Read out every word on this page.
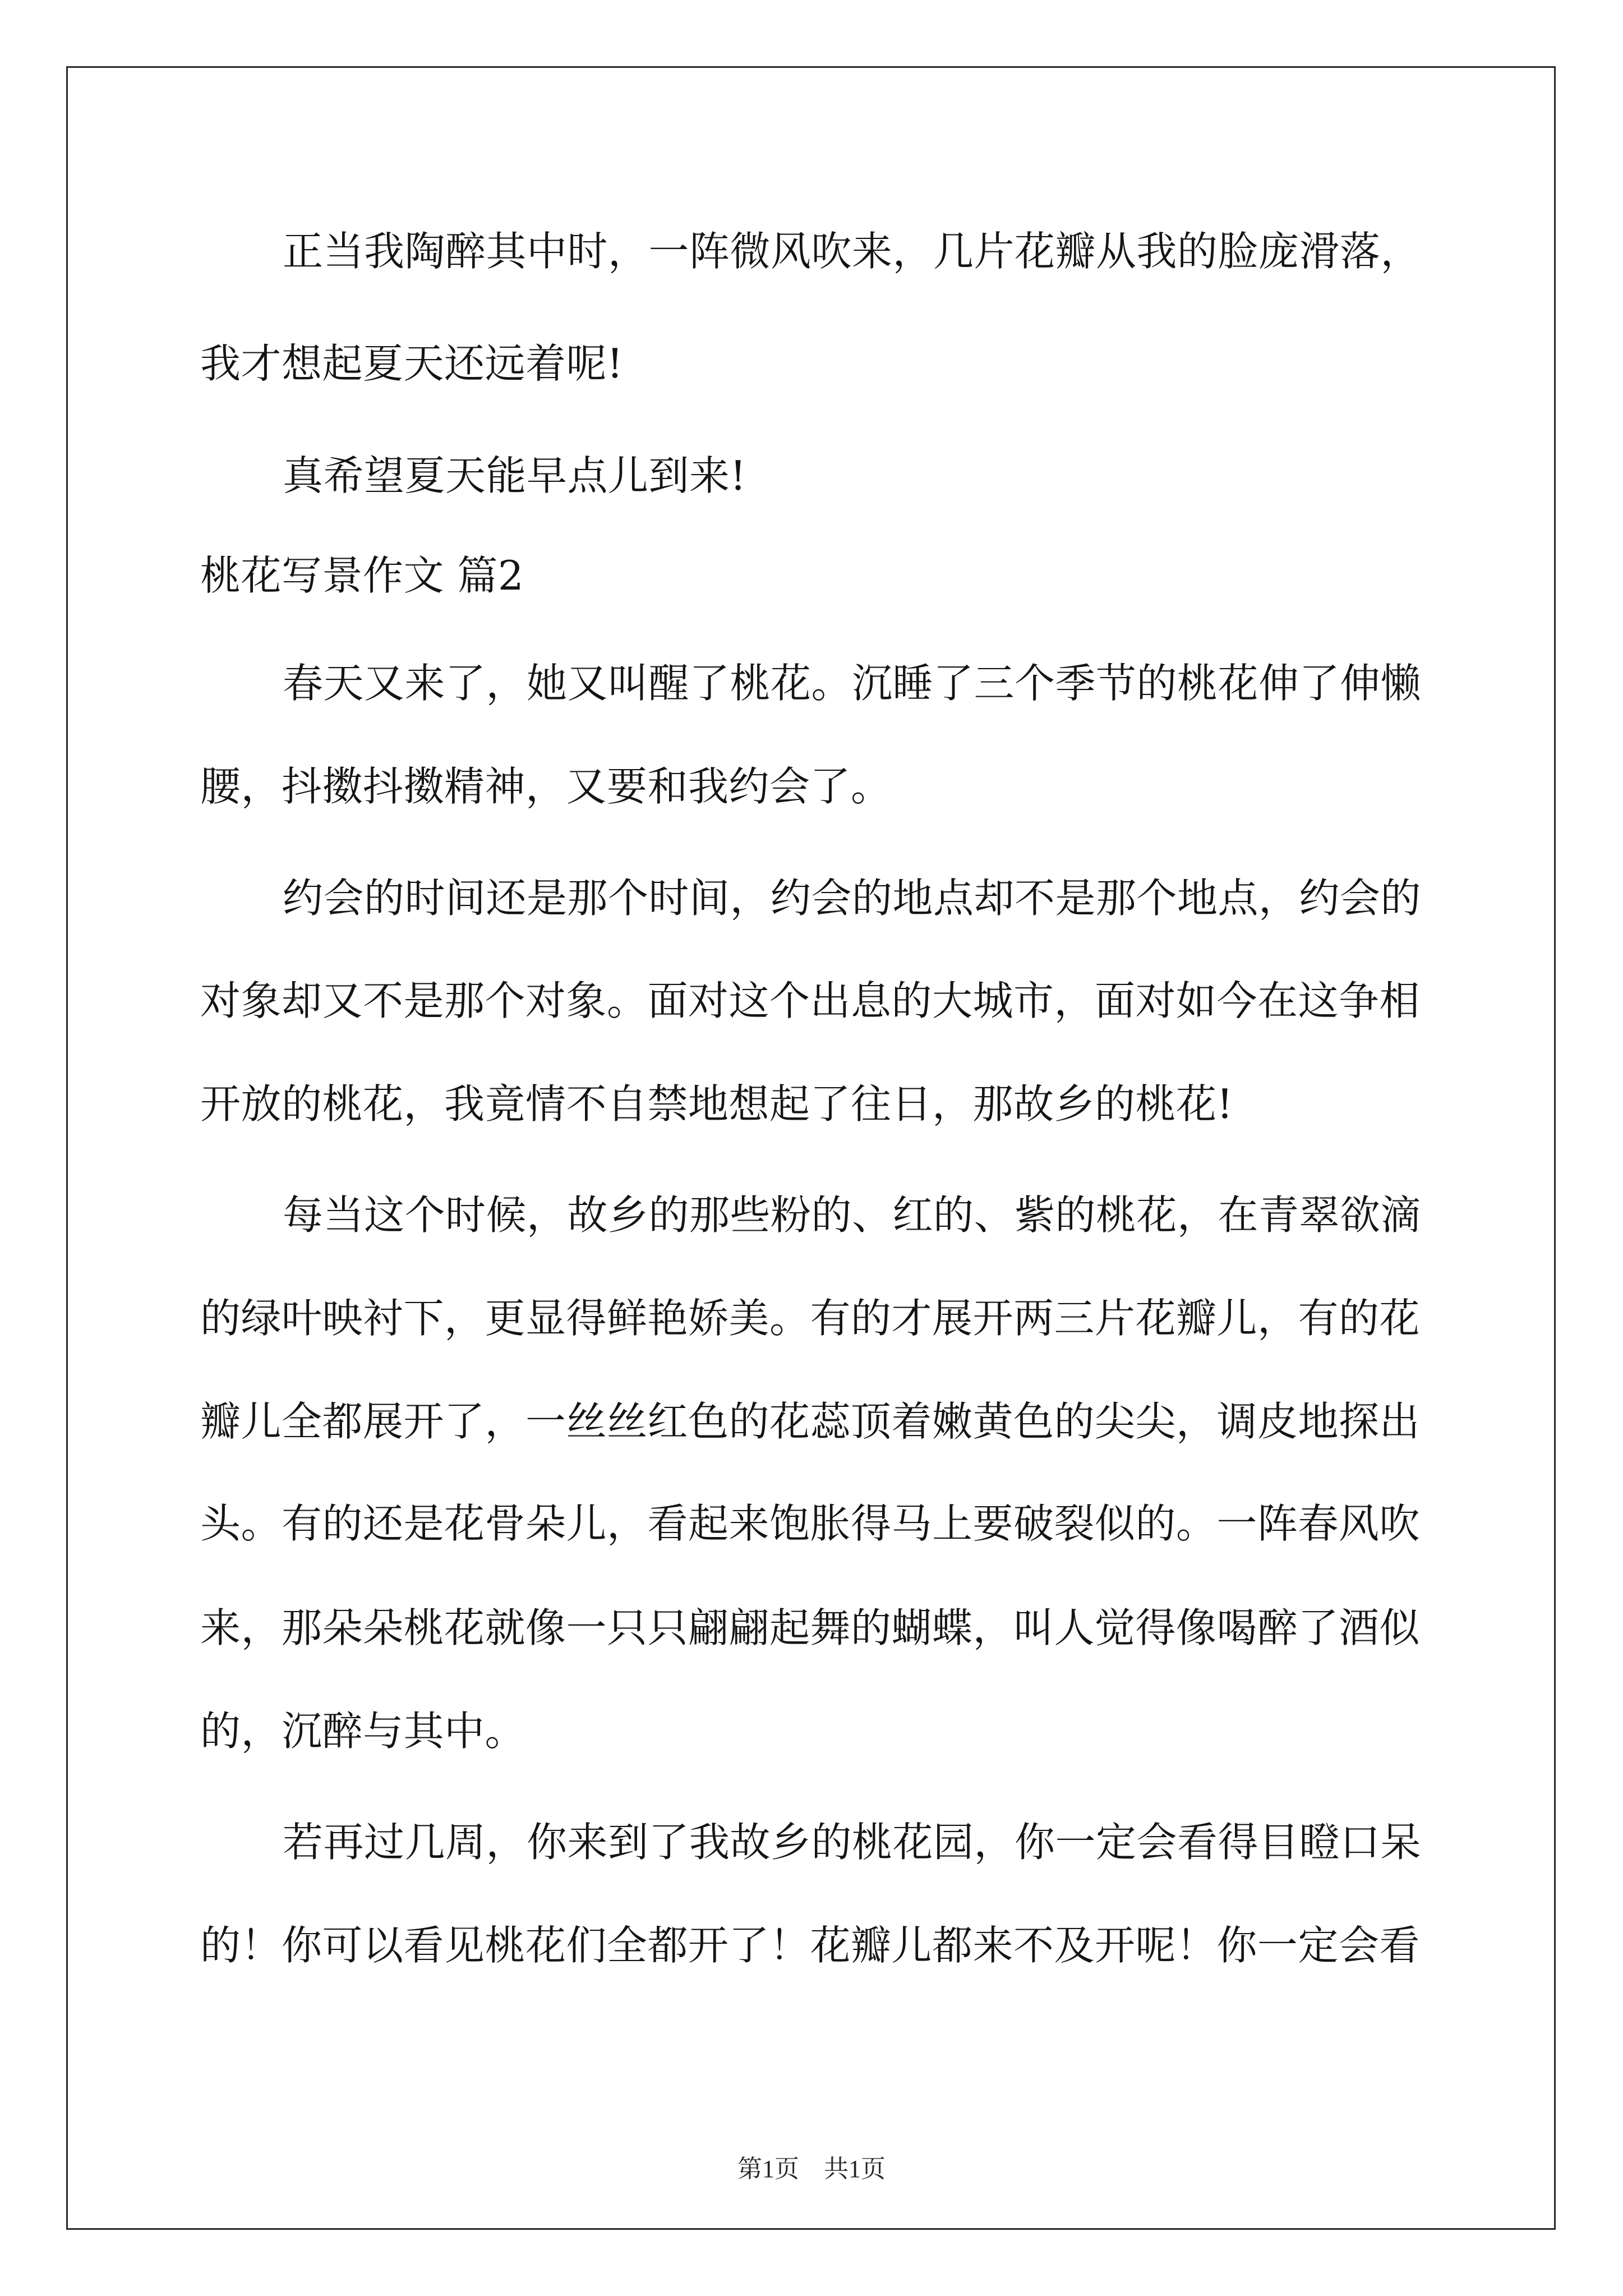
正当我陶醉其中时，一阵微风吹来，几片花瓣从我的脸庞滑落，
我才想起夏天还远着呢!
真希望夏天能早点儿到来!
桃花写景作文 篇2
春天又来了，她又叫醒了桃花。沉睡了三个季节的桃花伸了伸懒
腰，抖擞抖擞精神，又要和我约会了。
约会的时间还是那个时间，约会的地点却不是那个地点，约会的
对象却又不是那个对象。面对这个出息的大城市，面对如今在这争相
开放的桃花，我竟情不自禁地想起了往日，那故乡的桃花!
每当这个时候，故乡的那些粉的、红的、紫的桃花，在青翠欲滴
的绿叶映衬下，更显得鲜艳娇美。有的才展开两三片花瓣儿，有的花
瓣儿全都展开了，一丝丝红色的花蕊顶着嫩黄色的尖尖，调皮地探出
头。有的还是花骨朵儿，看起来饱胀得马上要破裂似的。一阵春风吹
来，那朵朵桃花就像一只只翩翩起舞的蝴蝶，叫人觉得像喝醉了酒似
的，沉醉与其中。
若再过几周，你来到了我故乡的桃花园，你一定会看得目瞪口呆
的！你可以看见桃花们全都开了！花瓣儿都来不及开呢！你一定会看
第1页　共1页
